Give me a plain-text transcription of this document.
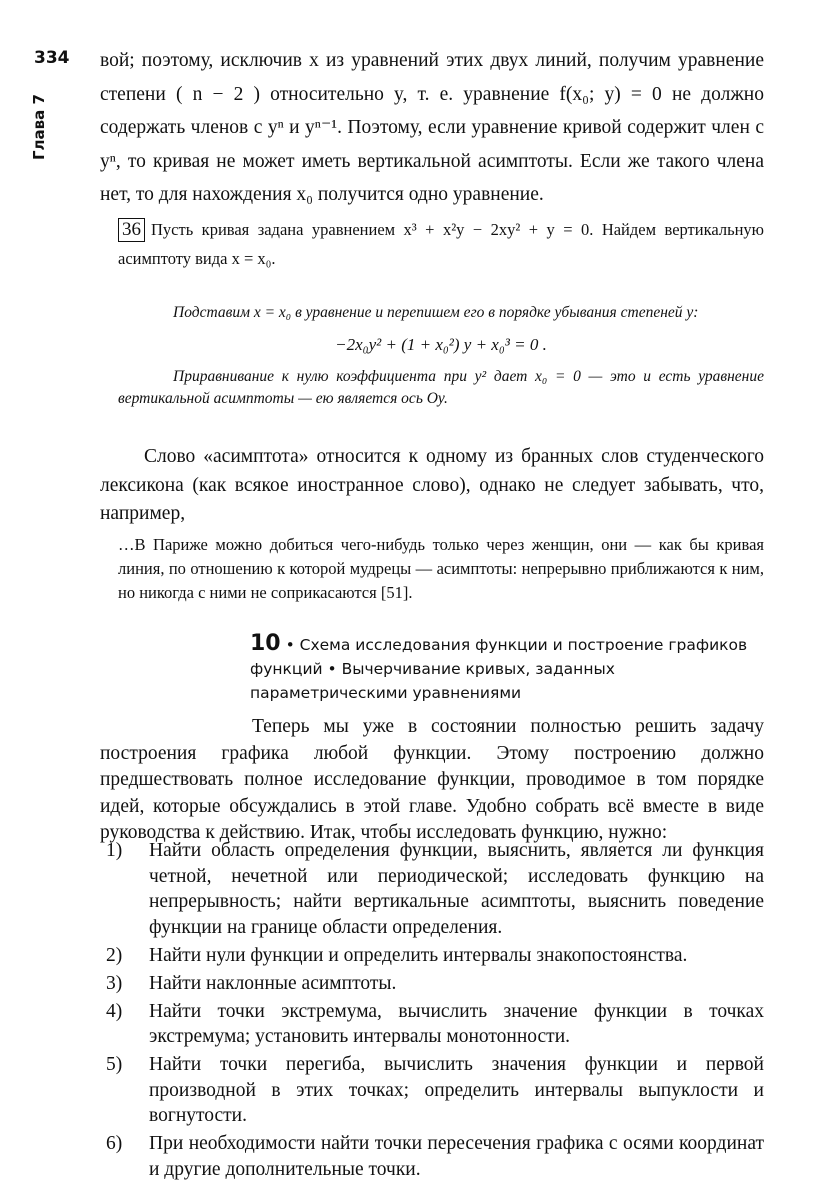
334
Глава 7

вой; поэтому, исключив x из уравнений этих двух линий, получим уравнение степени ( n − 2 ) относительно y, т. е. уравнение f(x₀; y) = 0 не должно содержать членов с yⁿ и yⁿ⁻¹. Поэтому, если уравнение кривой содержит член с yⁿ, то кривая не может иметь вертикальной асимптоты. Если же такого члена нет, то для нахождения x₀ получится одно уравнение.

36 Пусть кривая задана уравнением x³ + x²y − 2xy² + y = 0. Найдем вертикальную асимптоту вида x = x₀.

Подставим x = x₀ в уравнение и перепишем его в порядке убывания степеней y:

−2x₀y² + (1 + x₀²) y + x₀³ = 0 .

Приравнивание к нулю коэффициента при y² дает x₀ = 0 — это и есть уравнение вертикальной асимптоты — ею является ось Oy.

Слово «асимптота» относится к одному из бранных слов студенческого лексикона (как всякое иностранное слово), однако не следует забывать, что, например,

…В Париже можно добиться чего-нибудь только через женщин, они — как бы кривая линия, по отношению к которой мудрецы — асимптоты: непрерывно приближаются к ним, но никогда с ними не соприкасаются [51].
10 • Схема исследования функции и построение графиков функций • Вычерчивание кривых, заданных параметрическими уравнениями

Теперь мы уже в состоянии полностью решить задачу построения графика любой функции. Этому построению должно предшествовать полное исследование функции, проводимое в том порядке идей, которые обсуждались в этой главе. Удобно собрать всё вместе в виде руководства к действию. Итак, чтобы исследовать функцию, нужно:

1)	Найти область определения функции, выяснить, является ли функция четной, нечетной или периодической; исследовать функцию на непрерывность; найти вертикальные асимптоты, выяснить поведение функции на границе области определения.
2)	Найти нули функции и определить интервалы знакопостоянства.
3)	Найти наклонные асимптоты.
4)	Найти точки экстремума, вычислить значение функции в точках экстремума; установить интервалы монотонности.
5)	Найти точки перегиба, вычислить значения функции и первой производной в этих точках; определить интервалы выпуклости и вогнутости.
6)	При необходимости найти точки пересечения графика с осями координат и другие дополнительные точки.
